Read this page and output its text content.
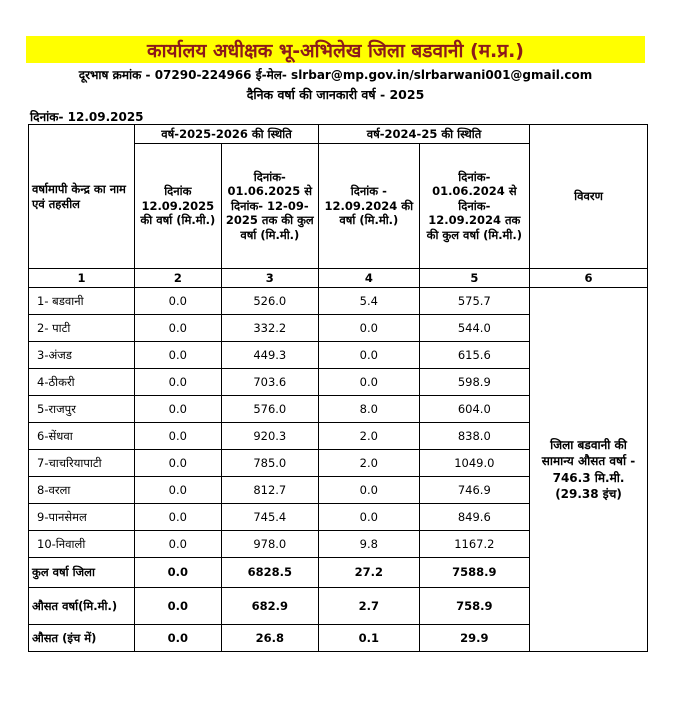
कार्यालय अधीक्षक भू-अभिलेख जिला बडवानी (म.प्र.)
दूरभाष क्रमांक - 07290-224966 ई-मेल- slrbar@mp.gov.in/slrbarwani001@gmail.com
दैनिक वर्षा की जानकारी वर्ष - 2025
दिनांक- 12.09.2025
वर्षामापी केन्द्र का नाम एवं तहसील	वर्ष-2025-2026 की स्थिति		वर्ष-2024-25 की स्थिति		विवरण
	दिनांक 12.09.2025 की वर्षा (मि.मी.)	दिनांक- 01.06.2025 से दिनांक- 12-09-2025 तक की कुल वर्षा (मि.मी.)	दिनांक - 12.09.2024 की वर्षा (मि.मी.)	दिनांक- 01.06.2024 से दिनांक- 12.09.2024 तक की कुल वर्षा (मि.मी.)	
1	2	3	4	5	6
1- बडवानी	0.0	526.0	5.4	575.7	जिला बडवानी की सामान्य औसत वर्षा - 746.3 मि.मी. (29.38 इंच)
2- पाटी	0.0	332.2	0.0	544.0	
3-अंजड	0.0	449.3	0.0	615.6	
4-ठीकरी	0.0	703.6	0.0	598.9	
5-राजपुर	0.0	576.0	8.0	604.0	
6-सेंधवा	0.0	920.3	2.0	838.0	
7-चाचरियापाटी	0.0	785.0	2.0	1049.0	
8-वरला	0.0	812.7	0.0	746.9	
9-पानसेमल	0.0	745.4	0.0	849.6	
10-निवाली	0.0	978.0	9.8	1167.2	
कुल वर्षा जिला	0.0	6828.5	27.2	7588.9	
औसत वर्षा(मि.मी.)	0.0	682.9	2.7	758.9	
औसत (इंच में)	0.0	26.8	0.1	29.9	
